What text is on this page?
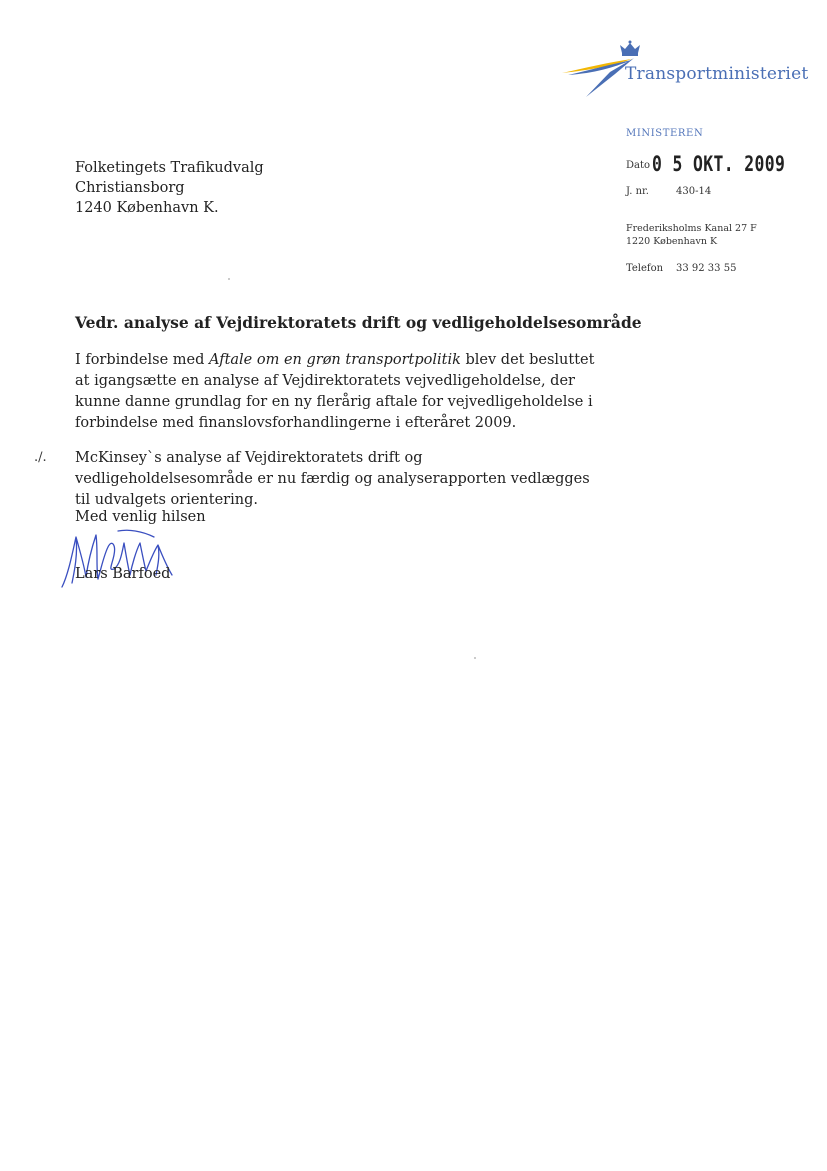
Transportministeriet
MINISTEREN
Dato 0 5 OKT. 2009
J. nr.	430-14
Frederiksholms Kanal 27 F
1220 København K
Telefon 33 92 33 55
Folketingets Trafikudvalg
Christiansborg
1240 København K.
Vedr. analyse af Vejdirektoratets drift og vedligeholdelsesområde

I forbindelse med Aftale om en grøn transportpolitik blev det besluttet at igangsætte en analyse af Vejdirektoratets vejvedligeholdelse, der kunne danne grundlag for en ny flerårig aftale for vejvedligeholdelse i forbindelse med finanslovsforhandlingerne i efteråret 2009.

./. McKinsey`s analyse af Vejdirektoratets drift og vedligeholdelsesområde er nu færdig og analyserapporten vedlægges til udvalgets orientering.

Med venlig hilsen
Lars Barfoed
